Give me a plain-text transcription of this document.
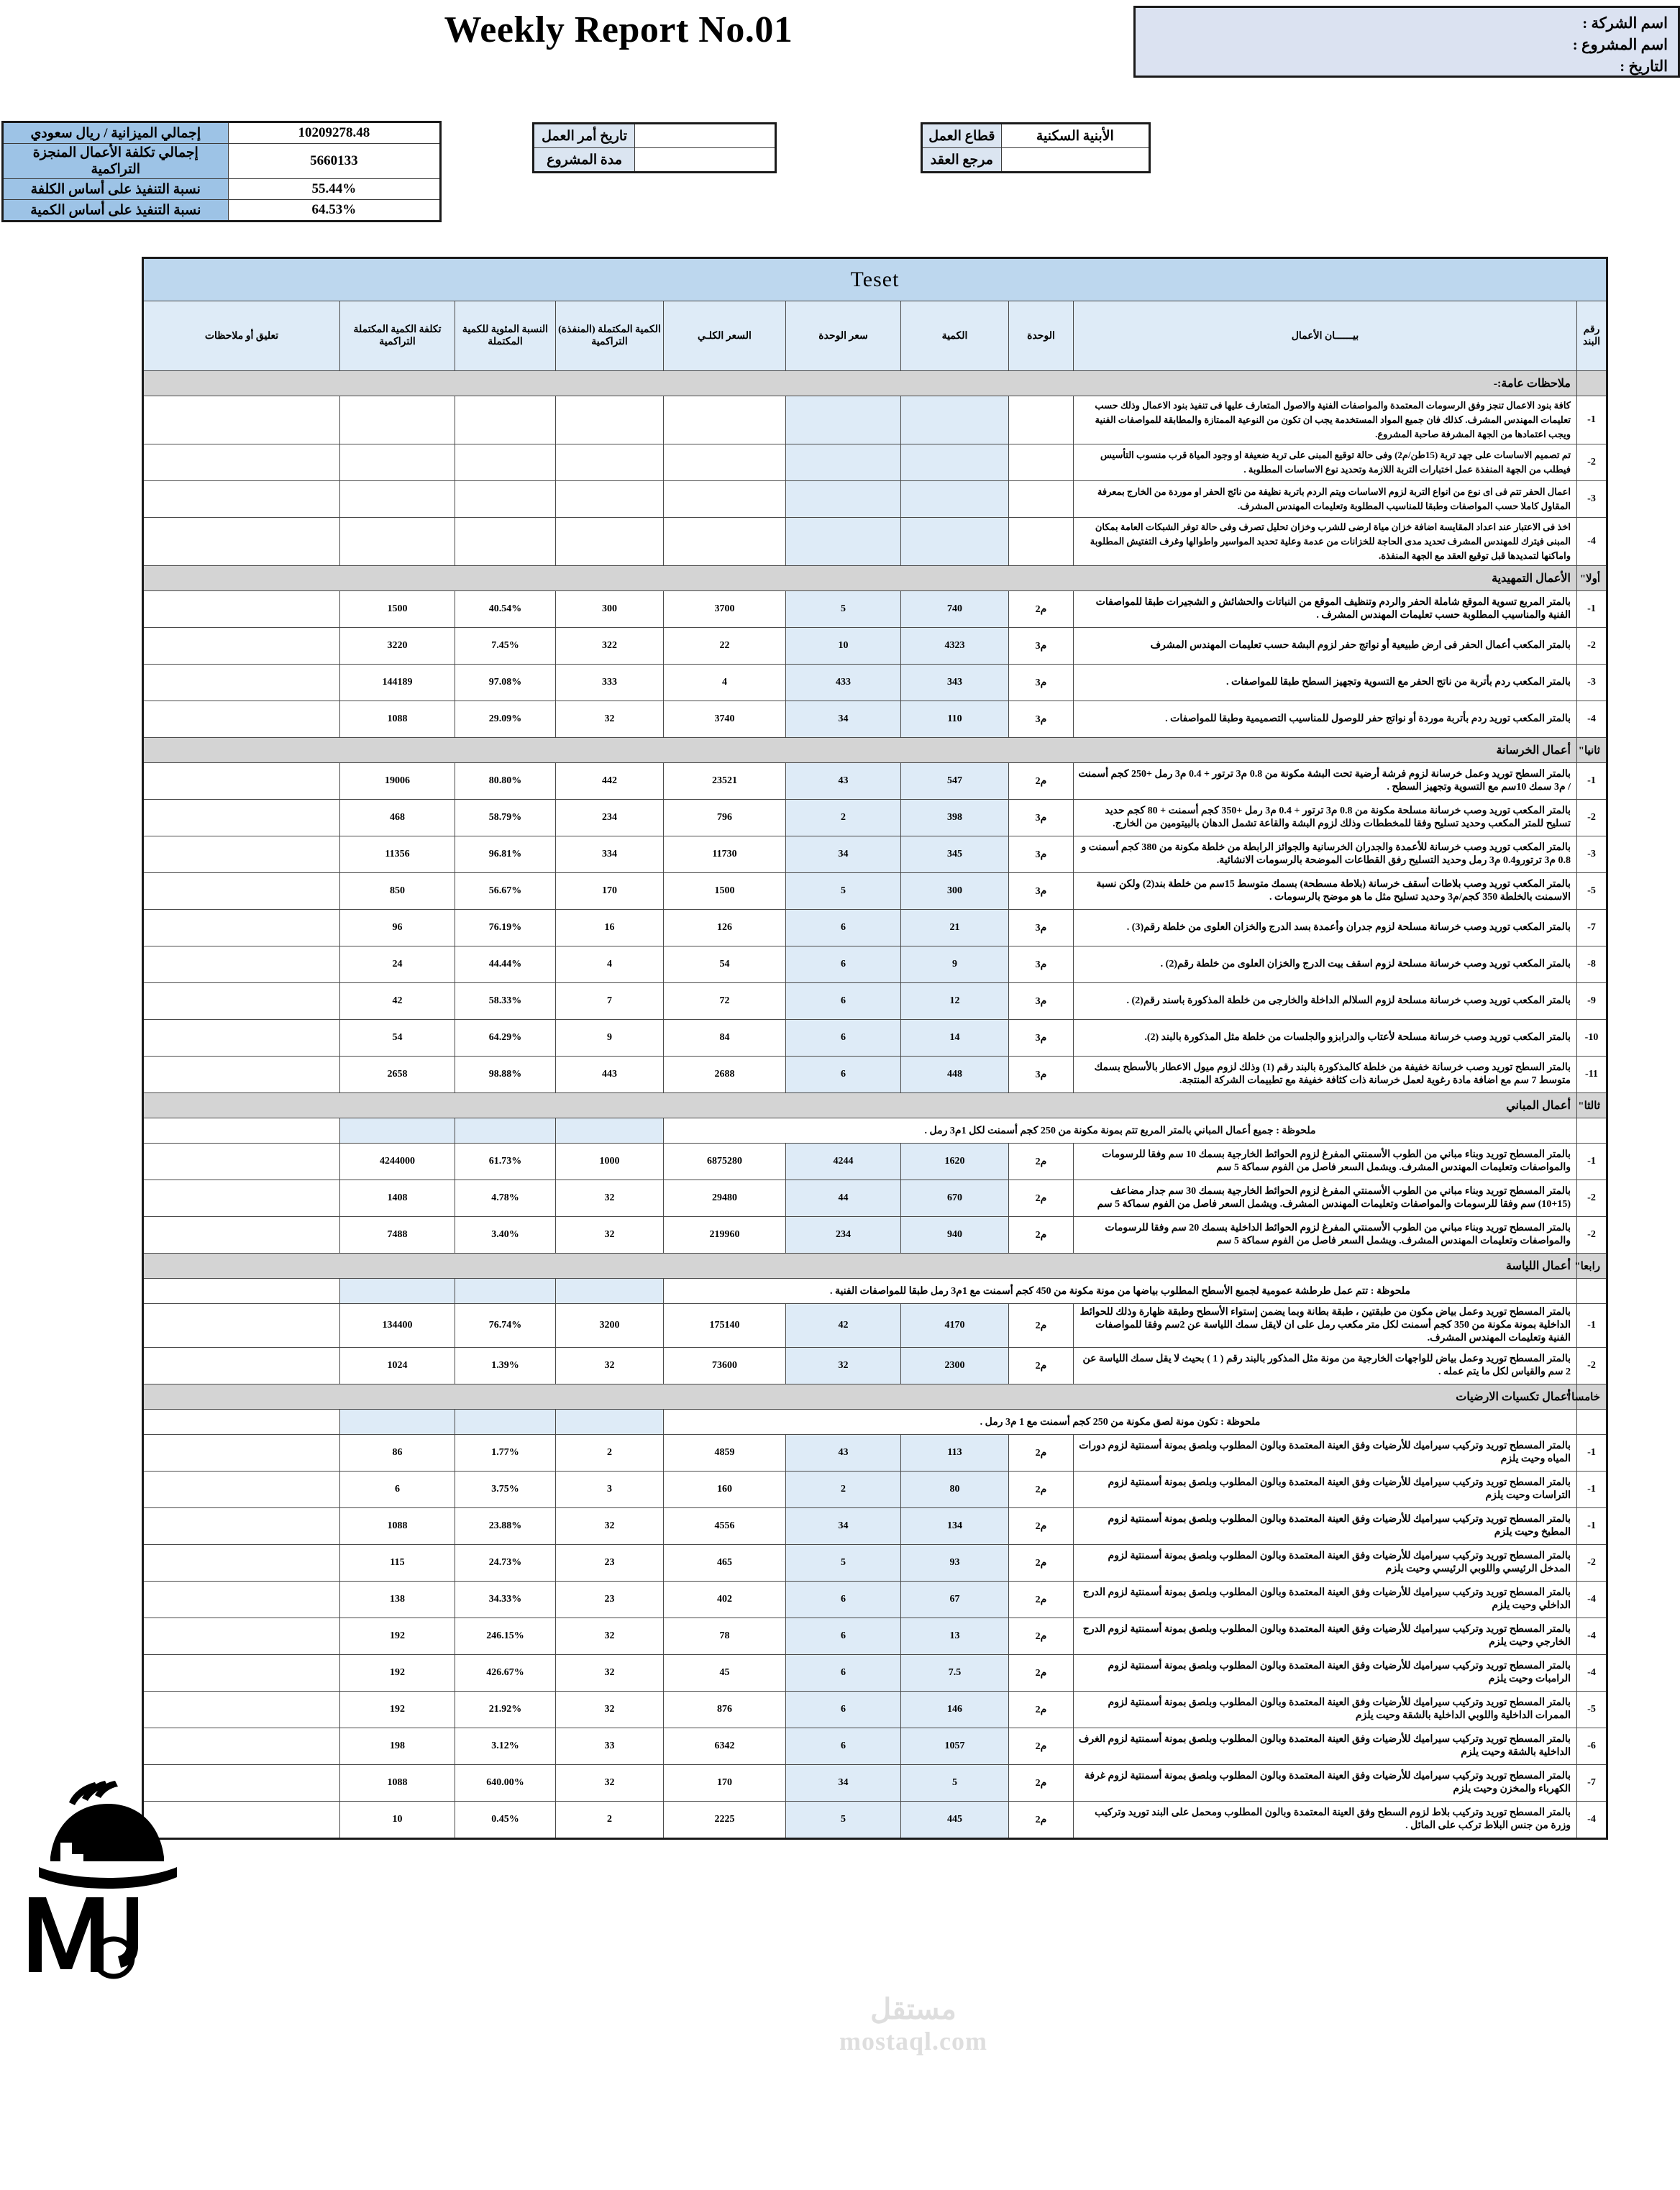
Weekly Report No.01	اسم الشركة :
اسم المشروع :
التاريخ :
10209278.48	إجمالي الميزانية / ريال سعودي
5660133	إجمالي تكلفة الأعمال المنجزة التراكمية
55.44%	نسبة التنفيذ على أساس الكلفة
64.53%	نسبة التنفيذ على أساس الكمية
	تاريخ أمر العمل
	مدة المشروع
الأبنية السكنية	قطاع العمل
	مرجع العقد
Teset									
رقم البند	بيــــــان الأعمال	الوحدة	الكمية	سعر الوحدة	السعر الكلـي	الكمية المكتملة (المنفذة) التراكمية	النسبة المئوية للكمية المكتملة	تكلفة الكمية المكتملة التراكمية	تعليق أو ملاحظات
	ملاحظات عامة:-								
-1	كافة بنود الاعمال تنجز وفق الرسومات المعتمدة والمواصفات الفنية والاصول المتعارف عليها فى تنفيذ بنود الاعمال وذلك حسب تعليمات المهندس المشرف. كذلك فان جميع المواد المستخدمة يجب ان تكون من النوعية الممتازة والمطابقة للمواصفات الفنية ويجب اعتمادها من الجهة المشرفة صاحبة المشروع.								
-2	تم تصميم الاساسات على جهد تربة (15طن/م2) وفى حالة توقيع المبنى على تربة ضعيفة او وجود المياة قرب منسوب التأسيس فيطلب من الجهة المنفذة عمل اختبارات التربة اللازمة وتحديد نوع الاساسات المطلوبة .								
-3	اعمال الحفر تتم فى اى نوع من انواع التربة لزوم الاساسات ويتم الردم باتربة نظيفة من نائج الحفر او موردة من الخارج بمعرفة المقاول كاملا حسب المواصفات وطبقا للمناسيب المطلوبة وتعليمات المهندس المشرف.								
-4	اخذ فى الاعتبار عند اعداد المقايسة اضافة خزان مياة ارضى للشرب وخزان تحليل تصرف وفى حالة توفر الشبكات العامة بمكان المبنى فيترك للمهندس المشرف تحديد مدى الحاجة للخزانات من عدمة وعلية تحديد المواسير واطوالها وغرف التفتيش المطلوبة واماكنها لتمديدها قبل توقيع العقد مع الجهة المنفذة.								
أولا"	الأعمال التمهيدية								
-1	بالمتر المربع تسوية الموقع شاملة الحفر والردم وتنظيف الموقع من النباتات والحشائش و الشجيرات طبقا للمواصفات الفنية والمناسيب المطلوبة حسب تعليمات المهندس المشرف .	م2	740	5	3700	300	40.54%	1500	
-2	بالمتر المكعب أعمال الحفر فى ارض طبيعية أو نواتج حفر لزوم البشة حسب تعليمات المهندس المشرف	م3	4323	10	22	322	7.45%	3220	
-3	بالمتر المكعب ردم بأتربة من ناتج الحفر مع التسوية وتجهيز السطح طبقا للمواصفات .	م3	343	433	4	333	97.08%	144189	
-4	بالمتر المكعب توريد ردم بأتربة موردة أو نواتج حفر للوصول للمناسيب التصميمية وطبقا للمواصفات .	م3	110	34	3740	32	29.09%	1088	
ثانيا"	أعمال الخرسانة								
-1	بالمتر السطح توريد وعمل خرسانة لزوم فرشة أرضية تحت البشة مكونة من 0.8 م3 ترتور + 0.4 م3 رمل +250 كجم أسمنت / م3 سمك 10سم مع التسوية وتجهيز السطح .	م2	547	43	23521	442	80.80%	19006	
-2	بالمتر المكعب توريد وصب خرسانة مسلحة مكونة من 0.8 م3 ترتور + 0.4 م3 رمل +350 كجم أسمنت + 80 كجم حديد تسليح للمتر المكعب وحديد تسليح وفقا للمخططات وذلك لزوم البشة والقاعة تشمل الدهان بالبيتومين من الخارج.	م3	398	2	796	234	58.79%	468	
-3	بالمتر المكعب توريد وصب خرسانة للأعمدة والجدران الخرسانية والجوائز الرابطة من خلطة مكونة من 380 كجم أسمنت و 0.8 م3 ترتورو0.4 م3 رمل وحديد التسليح رفق القطاعات الموضحة بالرسومات الانشائية.	م3	345	34	11730	334	96.81%	11356	
-5	بالمتر المكعب توريد وصب بلاطات أسقف خرسانة (بلاطة مسطحة) بسمك متوسط 15سم من خلطة بند(2) ولكن نسبة الاسمنت بالخلطة 350 كجم/م3 وحديد تسليح مثل ما هو موضح بالرسومات .	م3	300	5	1500	170	56.67%	850	
-7	بالمتر المكعب توريد وصب خرسانة مسلحة لزوم جدران وأعمدة بسد الدرج والخزان العلوى من خلطة رقم(3) .	م3	21	6	126	16	76.19%	96	
-8	بالمتر المكعب توريد وصب خرسانة مسلحة لزوم اسقف بيت الدرج والخزان العلوى من خلطة رقم(2) .	م3	9	6	54	4	44.44%	24	
-9	بالمتر المكعب توريد وصب خرسانة مسلحة لزوم السلالم الداخلة والخارجى من خلطة المذكورة باسند رقم(2) .	م3	12	6	72	7	58.33%	42	
-10	بالمتر المكعب توريد وصب خرسانة مسلحة لأعتاب والدرابزو والجلسات من خلطة مثل المذكورة بالبند (2).	م3	14	6	84	9	64.29%	54	
-11	بالمتر السطح توريد وصب خرسانة خفيفة من خلطة كالمذكورة بالبند رقم (1) وذلك لزوم ميول الاعطار بالأسطح بسمك متوسط 7 سم مع اضافة مادة رغوية لعمل خرسانة ذات كثافة خفيفة مع تطبيمات الشركة المنتجة.	م3	448	6	2688	443	98.88%	2658	
ثالثا"	أعمال المباني								
	ملحوظة : جميع أعمال المباني بالمتر المربع تتم بمونة مكونة من 250 كجم أسمنت لكل 1م3 رمل .								
-1	بالمتر المسطح توريد وبناء مباني من الطوب الأسمنتي المفرغ لزوم الحوائط الخارجية بسمك 10 سم وفقا للرسومات والمواصفات وتعليمات المهندس المشرف. ويشمل السعر فاصل من الفوم سماكة 5 سم	م2	1620	4244	6875280	1000	61.73%	4244000	
-2	بالمتر المسطح توريد وبناء مباني من الطوب الأسمنتي المفرغ لزوم الحوائط الخارجية بسمك 30 سم جدار مضاعف (15+10) سم وفقا للرسومات والمواصفات وتعليمات المهندس المشرف. ويشمل السعر فاصل من الفوم سماكة 5 سم	م2	670	44	29480	32	4.78%	1408	
-2	بالمتر المسطح توريد وبناء مباني من الطوب الأسمنتي المفرغ لزوم الحوائط الداخلية بسمك 20 سم وفقا للرسومات والمواصفات وتعليمات المهندس المشرف. ويشمل السعر فاصل من الفوم سماكة 5 سم	م2	940	234	219960	32	3.40%	7488	
رابعا"	أعمال اللياسة								
	ملحوظة : تتم عمل طرطشة عمومية لجميع الأسطح المطلوب بياضها من مونة مكونة من 450 كجم أسمنت مع 1م3 رمل طبقا للمواصفات الفنية .								
-1	بالمتر المسطح توريد وعمل بياض مكون من طبقتين ، طبقة بطانة وبما يضمن إستواء الأسطح وطبقة ظهارة وذلك للحوائط الداخلية بمونة مكونة من 350 كجم أسمنت لكل متر مكعب رمل على ان لايقل سمك اللياسة عن 2سم وفقا للمواصفات الفنية وتعليمات المهندس المشرف.	م2	4170	42	175140	3200	76.74%	134400	
-2	بالمتر المسطح توريد وعمل بياض للواجهات الخارجية من مونة مثل المذكور بالبند رقم ( 1 ) بحيث لا يقل سمك اللياسة عن 2 سم والقياس لكل ما يتم عمله .	م2	2300	32	73600	32	1.39%	1024	
خامسا"	أعمال تكسيات الارضيات								
	ملحوظة : تكون مونة لصق مكونة من 250 كجم أسمنت مع 1 م3 رمل .								
-1	بالمتر المسطح توريد وتركيب سيراميك للأرضيات وفق العينة المعتمدة وبالون المطلوب وبلصق بمونة أسمنتية لزوم دورات المياه وحيت يلزم	م2	113	43	4859	2	1.77%	86	
-1	بالمتر المسطح توريد وتركيب سيراميك للأرضيات وفق العينة المعتمدة وبالون المطلوب وبلصق بمونة أسمنتية لزوم التراسات وحيت يلزم	م2	80	2	160	3	3.75%	6	
-1	بالمتر المسطح توريد وتركيب سيراميك للأرضيات وفق العينة المعتمدة وبالون المطلوب وبلصق بمونة أسمنتية لزوم المطبخ وحيت يلزم	م2	134	34	4556	32	23.88%	1088	
-2	بالمتر المسطح توريد وتركيب سيراميك للأرضيات وفق العينة المعتمدة وبالون المطلوب وبلصق بمونة أسمنتية لزوم المدخل الرئيسي واللوبي الرئيسي وحيت يلزم	م2	93	5	465	23	24.73%	115	
-4	بالمتر المسطح توريد وتركيب سيراميك للأرضيات وفق العينة المعتمدة وبالون المطلوب وبلصق بمونة أسمنتية لزوم الدرج الداخلي وحيت يلزم	م2	67	6	402	23	34.33%	138	
-4	بالمتر المسطح توريد وتركيب سيراميك للأرضيات وفق العينة المعتمدة وبالون المطلوب وبلصق بمونة أسمنتية لزوم الدرج الخارجي وحيت يلزم	م2	13	6	78	32	246.15%	192	
-4	بالمتر المسطح توريد وتركيب سيراميك للأرضيات وفق العينة المعتمدة وبالون المطلوب وبلصق بمونة أسمنتية لزوم الرامبات وحيت يلزم	م2	7.5	6	45	32	426.67%	192	
-5	بالمتر المسطح توريد وتركيب سيراميك للأرضيات وفق العينة المعتمدة وبالون المطلوب وبلصق بمونة أسمنتية لزوم الممرات الداخلية واللوبي الداخلية بالشقة وحيت يلزم	م2	146	6	876	32	21.92%	192	
-6	بالمتر المسطح توريد وتركيب سيراميك للأرضيات وفق العينة المعتمدة وبالون المطلوب وبلصق بمونة أسمنتية لزوم الغرف الداخلية بالشقة وحيت يلزم	م2	1057	6	6342	33	3.12%	198	
-7	بالمتر المسطح توريد وتركيب سيراميك للأرضيات وفق العينة المعتمدة وبالون المطلوب وبلصق بمونة أسمنتية لزوم غرفة الكهرباء والمخزن وحيت يلزم	م2	5	34	170	32	640.00%	1088	
-4	بالمتر المسطح توريد وتركيب بلاط لزوم السطح وفق العينة المعتمدة وبالون المطلوب ومحمل على البند توريد وتركيب وزرة من جنس البلاط تركب على المائل .	م2	445	5	2225	2	0.45%	10	
مستقل
mostaql.com
